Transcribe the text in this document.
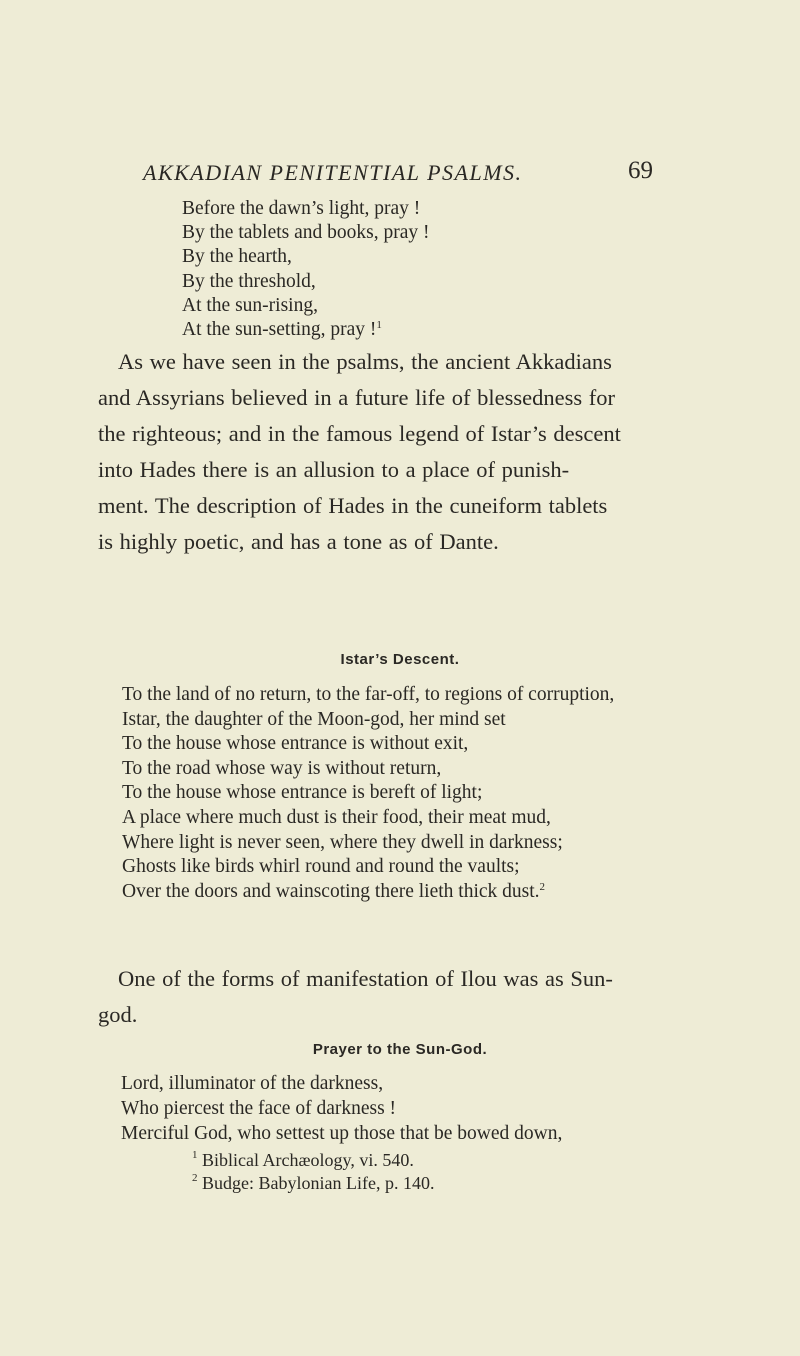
AKKADIAN PENITENTIAL PSALMS.	69
Before the dawn’s light, pray !
By the tablets and books, pray !
By the hearth,
By the threshold,
At the sun-rising,
At the sun-setting, pray !$^1$
As we have seen in the psalms, the ancient Akkadians
and Assyrians believed in a future life of blessedness for
the righteous; and in the famous legend of Istar’s descent
into Hades there is an allusion to a place of punish-
ment. The description of Hades in the cuneiform tablets
is highly poetic, and has a tone as of Dante.
Istar’s Descent.
To the land of no return, to the far-off, to regions of corruption,
Istar, the daughter of the Moon-god, her mind set
To the house whose entrance is without exit,
To the road whose way is without return,
To the house whose entrance is bereft of light;
A place where much dust is their food, their meat mud,
Where light is never seen, where they dwell in darkness;
Ghosts like birds whirl round and round the vaults;
Over the doors and wainscoting there lieth thick dust.$^2$
One of the forms of manifestation of Ilou was as Sun-
god.
Prayer to the Sun-God.
Lord, illuminator of the darkness,
Who piercest the face of darkness !
Merciful God, who settest up those that be bowed down,
$^1$ Biblical Archæology, vi. 540.
$^2$ Budge: Babylonian Life, p. 140.
